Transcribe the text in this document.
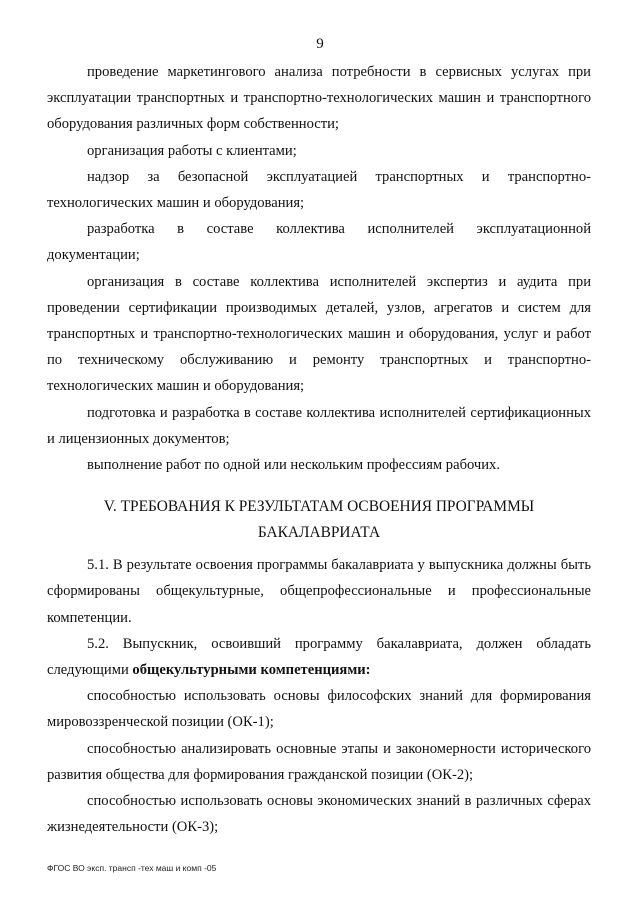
9

проведение маркетингового анализа потребности в сервисных услугах при эксплуатации транспортных и транспортно-технологических машин и транспортного оборудования различных форм собственности;

организация работы с клиентами;

надзор за безопасной эксплуатацией транспортных и транспортно-технологических машин и оборудования;

разработка в составе коллектива исполнителей эксплуатационной документации;

организация в составе коллектива исполнителей экспертиз и аудита при проведении сертификации производимых деталей, узлов, агрегатов и систем для транспортных и транспортно-технологических машин и оборудования, услуг и работ по техническому обслуживанию и ремонту транспортных и транспортно-технологических машин и оборудования;

подготовка и разработка в составе коллектива исполнителей сертификационных и лицензионных документов;

выполнение работ по одной или нескольким профессиям рабочих.

V. ТРЕБОВАНИЯ К РЕЗУЛЬТАТАМ ОСВОЕНИЯ ПРОГРАММЫ БАКАЛАВРИАТА

5.1. В результате освоения программы бакалавриата у выпускника должны быть сформированы общекультурные, общепрофессиональные и профессиональные компетенции.

5.2. Выпускник, освоивший программу бакалавриата, должен обладать следующими общекультурными компетенциями:

способностью использовать основы философских знаний для формирования мировоззренческой позиции (ОК-1);

способностью анализировать основные этапы и закономерности исторического развития общества для формирования гражданской позиции (ОК-2);

способностью использовать основы экономических знаний в различных сферах жизнедеятельности (ОК-3);

ФГОС ВО эксп. трансп -тех маш и комп -05
